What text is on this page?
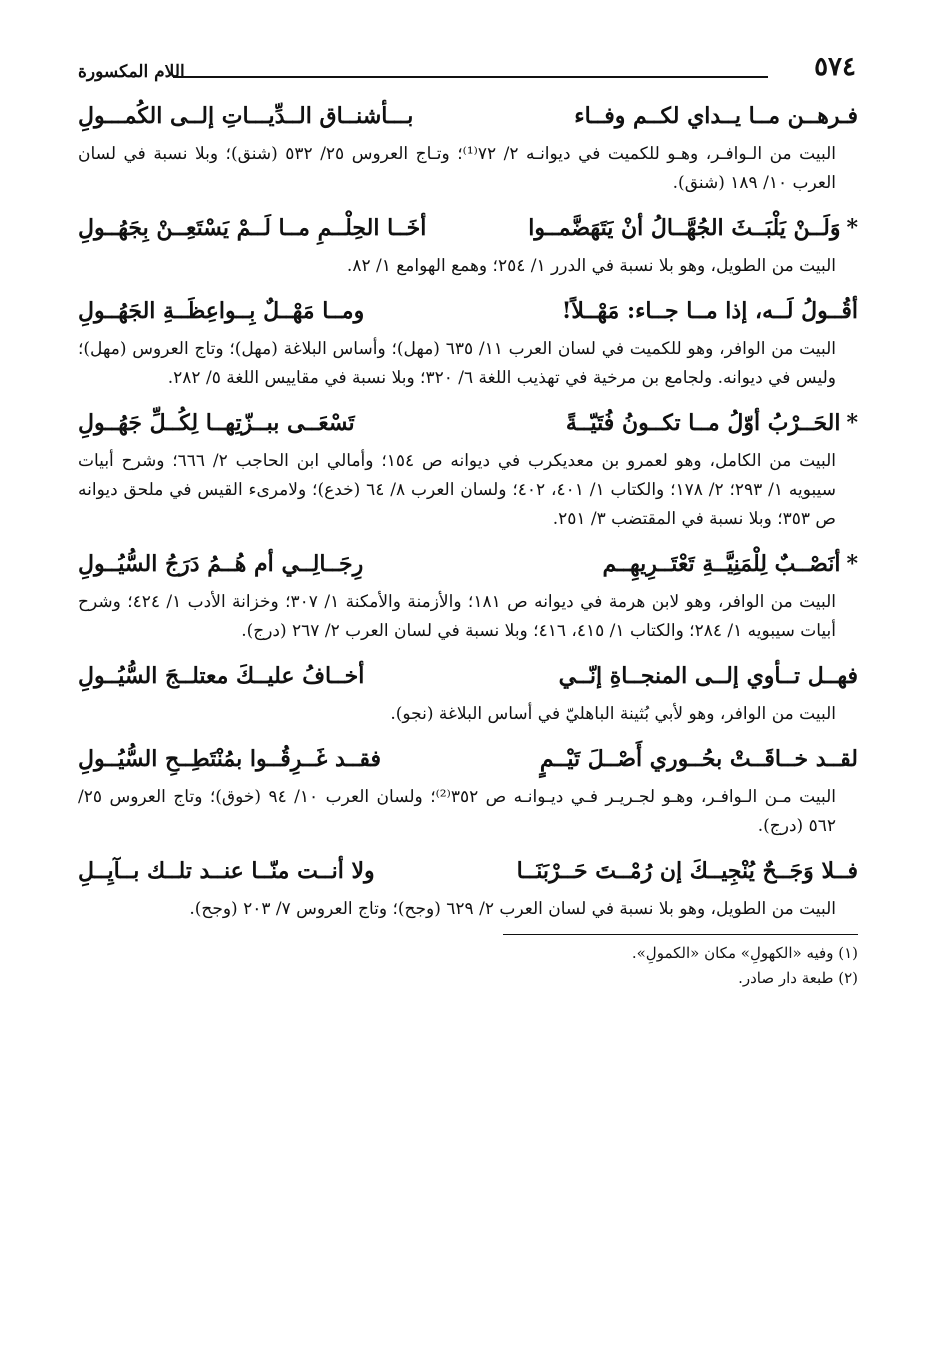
اللام المكسورة	٥٧٤
فـرهــن مــا يــداي لكــم وفــاء
بـــأشنــاق الــدِّيـــاتِ إلــى الكُمـــولِ
البيت من الـوافـر، وهـو للكميت في ديوانـه ٢/ ٧٢⁽¹⁾؛ وتـاج العروس ٢٥/ ٥٣٢ (شنق)؛ وبلا نسبة في لسان العرب ١٠/ ١٨٩ (شنق).
*وَلَــنْ يَلْبَــثَ الجُهَّــالُ أنْ يَتَهَضَّمــوا
أخَــا الحِلْــمِ مــا لَــمْ يَسْتَعِــنْ بِجَهُــولِ
البيت من الطويل، وهو بلا نسبة في الدرر ١/ ٢٥٤؛ وهمع الهوامع ١/ ٨٢.
أقُــولُ لَــه، إذا مــا جــاء: مَهْــلاً!
ومــا مَهْــلٌ بِــواعِظَــةِ الجَهُــولِ
البيت من الوافر، وهو للكميت في لسان العرب ١١/ ٦٣٥ (مهل)؛ وأساس البلاغة (مهل)؛ وتاج العروس (مهل)؛ وليس في ديوانه. ولجامع بن مرخية في تهذيب اللغة ٦/ ٣٢٠؛ وبلا نسبة في مقاييس اللغة ٥/ ٢٨٢.
*الحَــرْبُ أوّلُ مــا تكــونُ فُتَيّــةً
تَسْعَــى ببــزّتِهــا لِكُــلِّ جَهُــولِ
البيت من الكامل، وهو لعمرو بن معديكرب في ديوانه ص ١٥٤؛ وأمالي ابن الحاجب ٢/ ٦٦٦؛ وشرح أبيات سيبويه ١/ ٢٩٣؛ ٢/ ١٧٨؛ والكتاب ١/ ٤٠١، ٤٠٢؛ ولسان العرب ٨/ ٦٤ (خدع)؛ ولامرىء القيس في ملحق ديوانه ص ٣٥٣؛ وبلا نسبة في المقتضب ٣/ ٢٥١.
*أنَصْــبٌ لِلْمَنِيَّــةِ تَعْتَــرِيهِــم
رِجَــالِــي أم هُــمُ دَرَجُ السُّيُــولِ
البيت من الوافر، وهو لابن هرمة في ديوانه ص ١٨١؛ والأزمنة والأمكنة ١/ ٣٠٧؛ وخزانة الأدب ١/ ٤٢٤؛ وشرح أبيات سيبويه ١/ ٢٨٤؛ والكتاب ١/ ٤١٥، ٤١٦؛ وبلا نسبة في لسان العرب ٢/ ٢٦٧ (درج).
فهــل تــأوي إلــى المنجــاةِ إنّــي
أخــافُ عليــكَ معتلــجَ السُّيُــولِ
البيت من الوافر، وهو لأبي بُثينة الباهليّ في أساس البلاغة (نجو).
لقــد خــاقَــتْ بحُــوري أَصْــلَ تَيْــمٍ
فقــد غَــرِقُــوا بمُنْتَطِــحِ السُّيُــولِ
البيت مـن الـوافـر، وهـو لجـريـر فـي ديـوانـه ص ٣٥٢⁽²⁾؛ ولسان العرب ١٠/ ٩٤ (خوق)؛ وتاج العروس ٢٥/ ٥٦٢ (درج).
فــلا وَجَــحٌ يُنْجِيــكَ إن رُمْــتَ حَــرْبَنَــا
ولا أنــت منّــا عنــد تلــك بــآيِــلِ
البيت من الطويل، وهو بلا نسبة في لسان العرب ٢/ ٦٢٩ (وجح)؛ وتاج العروس ٧/ ٢٠٣ (وجح).
(١) وفيه «الكهولِ» مكان «الكمولِ».
(٢) طبعة دار صادر.
